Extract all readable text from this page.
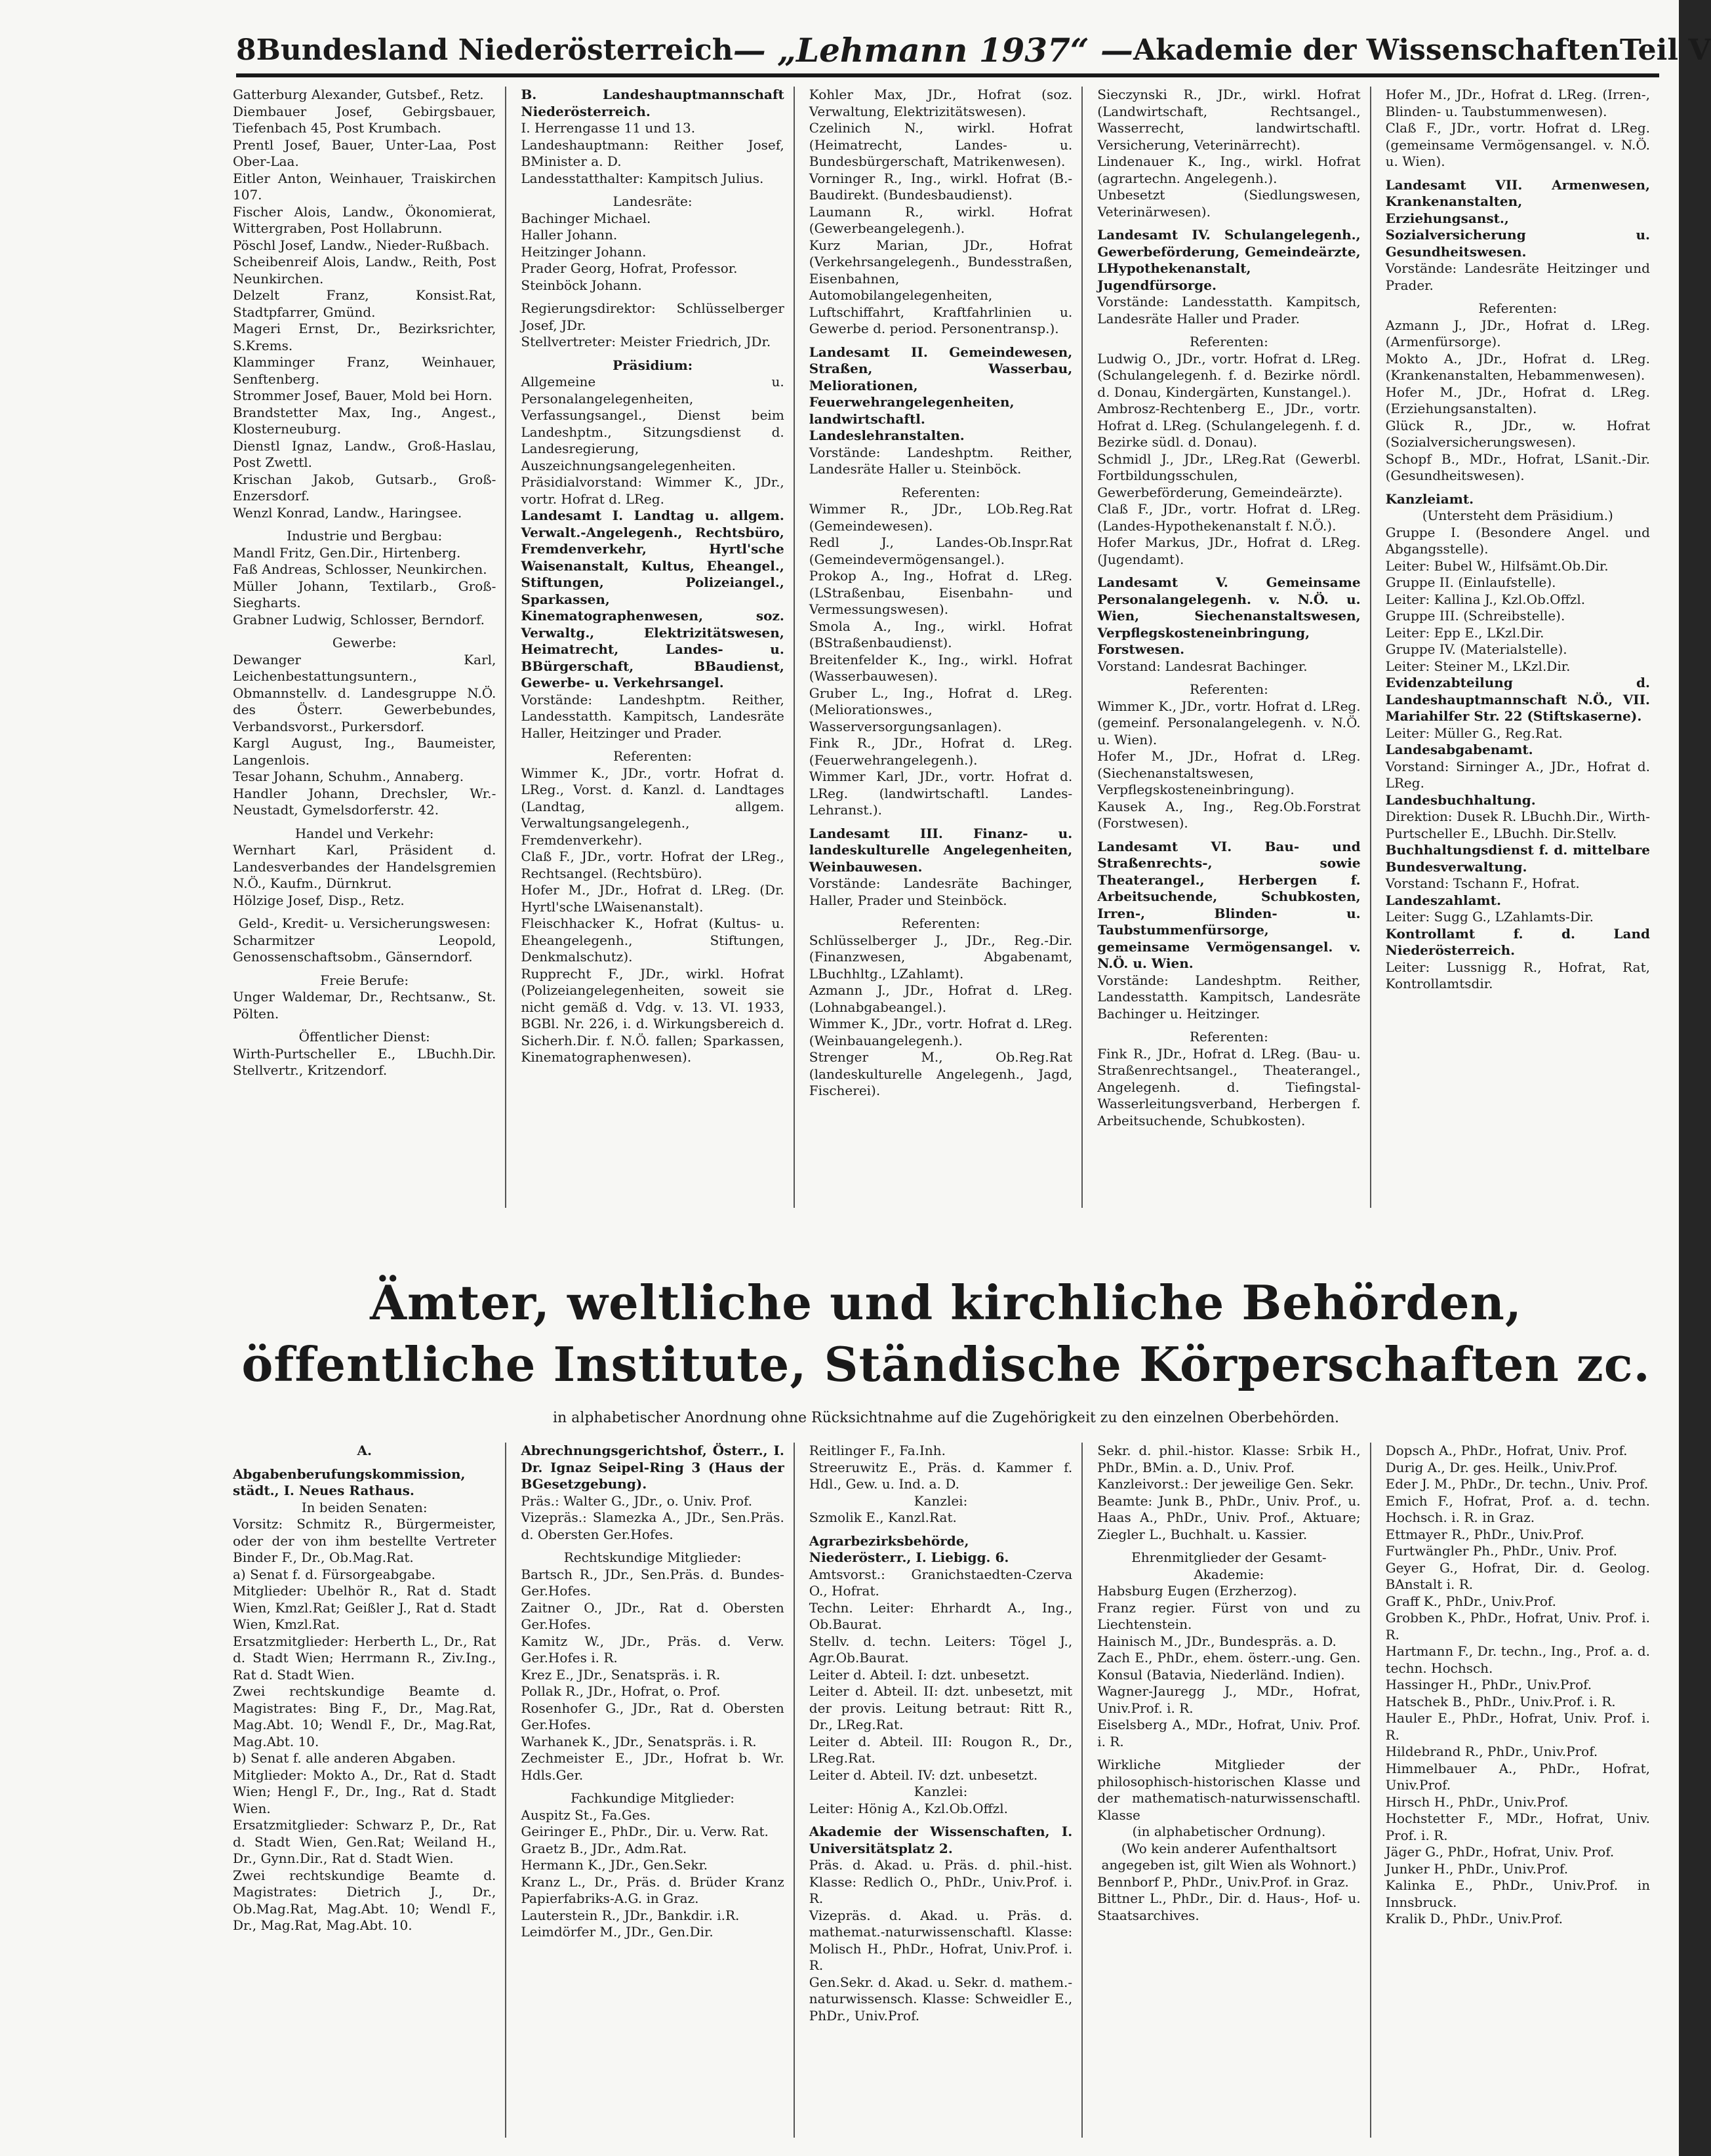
8 Bundesland Niederösterreich — „Lehmann 1937“ — Akademie der Wissenschaften Teil V

Gatterburg Alexander, Gutsbef., Retz.

Diembauer Josef, Gebirgsbauer, Tiefenbach 45, Post Krumbach.

Prentl Josef, Bauer, Unter-Laa, Post Ober-Laa.

Eitler Anton, Weinhauer, Traiskirchen 107.

Fischer Alois, Landw., Ökonomierat, Wittergraben, Post Hollabrunn.

Pöschl Josef, Landw., Nieder-Rußbach.

Scheibenreif Alois, Landw., Reith, Post Neunkirchen.

Delzelt Franz, Konsist.Rat, Stadtpfarrer, Gmünd.

Mageri Ernst, Dr., Bezirksrichter, S.Krems.

Klamminger Franz, Weinhauer, Senftenberg.

Strommer Josef, Bauer, Mold bei Horn.

Brandstetter Max, Ing., Angest., Klosterneuburg.

Dienstl Ignaz, Landw., Groß-Haslau, Post Zwettl.

Krischan Jakob, Gutsarb., Groß-Enzersdorf.

Wenzl Konrad, Landw., Haringsee.

Industrie und Bergbau:

Mandl Fritz, Gen.Dir., Hirtenberg.

Faß Andreas, Schlosser, Neunkirchen.

Müller Johann, Textilarb., Groß-Siegharts.

Grabner Ludwig, Schlosser, Berndorf.

Gewerbe:

Dewanger Karl, Leichenbestattungsuntern., Obmannstellv. d. Landesgruppe N.Ö. des Österr. Gewerbebundes, Verbandsvorst., Purkersdorf.

Kargl August, Ing., Baumeister, Langenlois.

Tesar Johann, Schuhm., Annaberg.

Handler Johann, Drechsler, Wr.-Neustadt, Gymelsdorferstr. 42.

Handel und Verkehr:

Wernhart Karl, Präsident d. Landesverbandes der Handelsgremien N.Ö., Kaufm., Dürnkrut.

Hölzige Josef, Disp., Retz.

Geld-, Kredit- u. Versicherungswesen:

Scharmitzer Leopold, Genossenschaftsobm., Gänserndorf.

Freie Berufe:

Unger Waldemar, Dr., Rechtsanw., St. Pölten.

Öffentlicher Dienst:

Wirth-Purtscheller E., LBuchh.Dir. Stellvertr., Kritzendorf.

B. Landeshauptmannschaft Niederösterreich.

I. Herrengasse 11 und 13.

Landeshauptmann: Reither Josef, BMinister a. D.

Landesstatthalter: Kampitsch Julius.

Landesräte:

Bachinger Michael.

Haller Johann.

Heitzinger Johann.

Prader Georg, Hofrat, Professor.

Steinböck Johann.

Regierungsdirektor: Schlüsselberger Josef, JDr.

Stellvertreter: Meister Friedrich, JDr.

Präsidium:

Allgemeine u. Personalangelegenheiten, Verfassungsangel., Dienst beim Landeshptm., Sitzungsdienst d. Landesregierung, Auszeichnungsangelegenheiten.

Präsidialvorstand: Wimmer K., JDr., vortr. Hofrat d. LReg.

Landesamt I. Landtag u. allgem. Verwalt.-Angelegenh., Rechtsbüro, Fremdenverkehr, Hyrtl'sche Waisenanstalt, Kultus, Eheangel., Stiftungen, Polizeiangel., Sparkassen, Kinematographenwesen, soz. Verwaltg., Elektrizitätswesen, Heimatrecht, Landes- u. BBürgerschaft, BBaudienst, Gewerbe- u. Verkehrsangel.

Vorstände: Landeshptm. Reither, Landesstatth. Kampitsch, Landesräte Haller, Heitzinger und Prader.

Referenten:

Wimmer K., JDr., vortr. Hofrat d. LReg., Vorst. d. Kanzl. d. Landtages (Landtag, allgem. Verwaltungsangelegenh., Fremdenverkehr).

Claß F., JDr., vortr. Hofrat der LReg., Rechtsangel. (Rechtsbüro).

Hofer M., JDr., Hofrat d. LReg. (Dr. Hyrtl'sche LWaisenanstalt).

Fleischhacker K., Hofrat (Kultus- u. Eheangelegenh., Stiftungen, Denkmalschutz).

Rupprecht F., JDr., wirkl. Hofrat (Polizeiangelegenheiten, soweit sie nicht gemäß d. Vdg. v. 13. VI. 1933, BGBl. Nr. 226, i. d. Wirkungsbereich d. Sicherh.Dir. f. N.Ö. fallen; Sparkassen, Kinematographenwesen).

Kohler Max, JDr., Hofrat (soz. Verwaltung, Elektrizitätswesen).

Czelinich N., wirkl. Hofrat (Heimatrecht, Landes- u. Bundesbürgerschaft, Matrikenwesen).

Vorninger R., Ing., wirkl. Hofrat (B.-Baudirekt. (Bundesbaudienst).

Laumann R., wirkl. Hofrat (Gewerbeangelegenh.).

Kurz Marian, JDr., Hofrat (Verkehrsangelegenh., Bundesstraßen, Eisenbahnen, Automobilangelegenheiten, Luftschiffahrt, Kraftfahrlinien u. Gewerbe d. period. Personentransp.).

Landesamt II. Gemeindewesen, Straßen, Wasserbau, Meliorationen, Feuerwehrangelegenheiten, landwirtschaftl. Landeslehranstalten.

Vorstände: Landeshptm. Reither, Landesräte Haller u. Steinböck.

Referenten:

Wimmer R., JDr., LOb.Reg.Rat (Gemeindewesen).

Redl J., Landes-Ob.Inspr.Rat (Gemeindevermögensangel.).

Prokop A., Ing., Hofrat d. LReg. (LStraßenbau, Eisenbahn- und Vermessungswesen).

Smola A., Ing., wirkl. Hofrat (BStraßenbaudienst).

Breitenfelder K., Ing., wirkl. Hofrat (Wasserbauwesen).

Gruber L., Ing., Hofrat d. LReg. (Meliorationswes., Wasserversorgungsanlagen).

Fink R., JDr., Hofrat d. LReg. (Feuerwehrangelegenh.).

Wimmer Karl, JDr., vortr. Hofrat d. LReg. (landwirtschaftl. Landes-Lehranst.).

Landesamt III. Finanz- u. landeskulturelle Angelegenheiten, Weinbauwesen.

Vorstände: Landesräte Bachinger, Haller, Prader und Steinböck.

Referenten:

Schlüsselberger J., JDr., Reg.-Dir. (Finanzwesen, Abgabenamt, LBuchhltg., LZahlamt).

Azmann J., JDr., Hofrat d. LReg. (Lohnabgabeangel.).

Wimmer K., JDr., vortr. Hofrat d. LReg. (Weinbauangelegenh.).

Strenger M., Ob.Reg.Rat (landeskulturelle Angelegenh., Jagd, Fischerei).

Sieczynski R., JDr., wirkl. Hofrat (Landwirtschaft, Rechtsangel., Wasserrecht, landwirtschaftl. Versicherung, Veterinärrecht).

Lindenauer K., Ing., wirkl. Hofrat (agrartechn. Angelegenh.).

Unbesetzt (Siedlungswesen, Veterinärwesen).

Landesamt IV. Schulangelegenh., Gewerbeförderung, Gemeindeärzte, LHypothekenanstalt, Jugendfürsorge.

Vorstände: Landesstatth. Kampitsch, Landesräte Haller und Prader.

Referenten:

Ludwig O., JDr., vortr. Hofrat d. LReg. (Schulangelegenh. f. d. Bezirke nördl. d. Donau, Kindergärten, Kunstangel.).

Ambrosz-Rechtenberg E., JDr., vortr. Hofrat d. LReg. (Schulangelegenh. f. d. Bezirke südl. d. Donau).

Schmidl J., JDr., LReg.Rat (Gewerbl. Fortbildungsschulen, Gewerbeförderung, Gemeindeärzte).

Claß F., JDr., vortr. Hofrat d. LReg. (Landes-Hypothekenanstalt f. N.Ö.).

Hofer Markus, JDr., Hofrat d. LReg. (Jugendamt).

Landesamt V. Gemeinsame Personalangelegenh. v. N.Ö. u. Wien, Siechenanstaltswesen, Verpflegskosteneinbringung, Forstwesen.

Vorstand: Landesrat Bachinger.

Referenten:

Wimmer K., JDr., vortr. Hofrat d. LReg. (gemeinf. Personalangelegenh. v. N.Ö. u. Wien).

Hofer M., JDr., Hofrat d. LReg. (Siechenanstaltswesen, Verpflegskosteneinbringung).

Kausek A., Ing., Reg.Ob.Forstrat (Forstwesen).

Landesamt VI. Bau- und Straßenrechts-, sowie Theaterangel., Herbergen f. Arbeitsuchende, Schubkosten, Irren-, Blinden- u. Taubstummenfürsorge, gemeinsame Vermögensangel. v. N.Ö. u. Wien.

Vorstände: Landeshptm. Reither, Landesstatth. Kampitsch, Landesräte Bachinger u. Heitzinger.

Referenten:

Fink R., JDr., Hofrat d. LReg. (Bau- u. Straßenrechtsangel., Theaterangel., Angelegenh. d. Tiefingstal-Wasserleitungsverband, Herbergen f. Arbeitsuchende, Schubkosten).

Hofer M., JDr., Hofrat d. LReg. (Irren-, Blinden- u. Taubstummenwesen).

Claß F., JDr., vortr. Hofrat d. LReg. (gemeinsame Vermögensangel. v. N.Ö. u. Wien).

Landesamt VII. Armenwesen, Krankenanstalten, Erziehungsanst., Sozialversicherung u. Gesundheitswesen.

Vorstände: Landesräte Heitzinger und Prader.

Referenten:

Azmann J., JDr., Hofrat d. LReg. (Armenfürsorge).

Mokto A., JDr., Hofrat d. LReg. (Krankenanstalten, Hebammenwesen).

Hofer M., JDr., Hofrat d. LReg. (Erziehungsanstalten).

Glück R., JDr., w. Hofrat (Sozialversicherungswesen).

Schopf B., MDr., Hofrat, LSanit.-Dir. (Gesundheitswesen).

Kanzleiamt.

(Untersteht dem Präsidium.)

Gruppe I. (Besondere Angel. und Abgangsstelle).

Leiter: Bubel W., Hilfsämt.Ob.Dir.

Gruppe II. (Einlaufstelle).

Leiter: Kallina J., Kzl.Ob.Offzl.

Gruppe III. (Schreibstelle).

Leiter: Epp E., LKzl.Dir.

Gruppe IV. (Materialstelle).

Leiter: Steiner M., LKzl.Dir.

Evidenzabteilung d. Landeshauptmannschaft N.Ö., VII. Mariahilfer Str. 22 (Stiftskaserne).

Leiter: Müller G., Reg.Rat.

Landesabgabenamt.

Vorstand: Sirninger A., JDr., Hofrat d. LReg.

Landesbuchhaltung.

Direktion: Dusek R. LBuchh.Dir., Wirth-Purtscheller E., LBuchh. Dir.Stellv.

Buchhaltungsdienst f. d. mittelbare Bundesverwaltung.

Vorstand: Tschann F., Hofrat.

Landeszahlamt.

Leiter: Sugg G., LZahlamts-Dir.

Kontrollamt f. d. Land Niederösterreich.

Leiter: Lussnigg R., Hofrat, Rat, Kontrollamtsdir.

Ämter, weltliche und kirchliche Behörden, öffentliche Institute, Ständische Körperschaften zc.
in alphabetischer Anordnung ohne Rücksichtnahme auf die Zugehörigkeit zu den einzelnen Oberbehörden.

A.

Abgabenberufungskommission, städt., I. Neues Rathaus.

In beiden Senaten:

Vorsitz: Schmitz R., Bürgermeister, oder der von ihm bestellte Vertreter Binder F., Dr., Ob.Mag.Rat.

a) Senat f. d. Fürsorgeabgabe.

Mitglieder: Ubelhör R., Rat d. Stadt Wien, Kmzl.Rat; Geißler J., Rat d. Stadt Wien, Kmzl.Rat.

Ersatzmitglieder: Herberth L., Dr., Rat d. Stadt Wien; Herrmann R., Ziv.Ing., Rat d. Stadt Wien.

Zwei rechtskundige Beamte d. Magistrates: Bing F., Dr., Mag.Rat, Mag.Abt. 10; Wendl F., Dr., Mag.Rat, Mag.Abt. 10.

b) Senat f. alle anderen Abgaben.

Mitglieder: Mokto A., Dr., Rat d. Stadt Wien; Hengl F., Dr., Ing., Rat d. Stadt Wien.

Ersatzmitglieder: Schwarz P., Dr., Rat d. Stadt Wien, Gen.Rat; Weiland H., Dr., Gynn.Dir., Rat d. Stadt Wien.

Zwei rechtskundige Beamte d. Magistrates: Dietrich J., Dr., Ob.Mag.Rat, Mag.Abt. 10; Wendl F., Dr., Mag.Rat, Mag.Abt. 10.

Abrechnungsgerichtshof, Österr., I. Dr. Ignaz Seipel-Ring 3 (Haus der BGesetzgebung).

Präs.: Walter G., JDr., o. Univ. Prof.

Vizepräs.: Slamezka A., JDr., Sen.Präs. d. Obersten Ger.Hofes.

Rechtskundige Mitglieder:

Bartsch R., JDr., Sen.Präs. d. Bundes-Ger.Hofes.

Zaitner O., JDr., Rat d. Obersten Ger.Hofes.

Kamitz W., JDr., Präs. d. Verw. Ger.Hofes i. R.

Krez E., JDr., Senatspräs. i. R.

Pollak R., JDr., Hofrat, o. Prof.

Rosenhofer G., JDr., Rat d. Obersten Ger.Hofes.

Warhanek K., JDr., Senatspräs. i. R.

Zechmeister E., JDr., Hofrat b. Wr. Hdls.Ger.

Fachkundige Mitglieder:

Auspitz St., Fa.Ges.

Geiringer E., PhDr., Dir. u. Verw. Rat.

Graetz B., JDr., Adm.Rat.

Hermann K., JDr., Gen.Sekr.

Kranz L., Dr., Präs. d. Brüder Kranz Papierfabriks-A.G. in Graz.

Lauterstein R., JDr., Bankdir. i.R.

Leimdörfer M., JDr., Gen.Dir.

Reitlinger F., Fa.Inh.

Streeruwitz E., Präs. d. Kammer f. Hdl., Gew. u. Ind. a. D.

Kanzlei:

Szmolik E., Kanzl.Rat.

Agrarbezirksbehörde, Niederösterr., I. Liebigg. 6.

Amtsvorst.: Granichstaedten-Czerva O., Hofrat.

Techn. Leiter: Ehrhardt A., Ing., Ob.Baurat.

Stellv. d. techn. Leiters: Tögel J., Agr.Ob.Baurat.

Leiter d. Abteil. I: dzt. unbesetzt.

Leiter d. Abteil. II: dzt. unbesetzt, mit der provis. Leitung betraut: Ritt R., Dr., LReg.Rat.

Leiter d. Abteil. III: Rougon R., Dr., LReg.Rat.

Leiter d. Abteil. IV: dzt. unbesetzt.

Kanzlei:

Leiter: Hönig A., Kzl.Ob.Offzl.

Akademie der Wissenschaften, I. Universitätsplatz 2.

Präs. d. Akad. u. Präs. d. phil.-hist. Klasse: Redlich O., PhDr., Univ.Prof. i. R.

Vizepräs. d. Akad. u. Präs. d. mathemat.-naturwissenschaftl. Klasse: Molisch H., PhDr., Hofrat, Univ.Prof. i. R.

Gen.Sekr. d. Akad. u. Sekr. d. mathem.-naturwissensch. Klasse: Schweidler E., PhDr., Univ.Prof.

Sekr. d. phil.-histor. Klasse: Srbik H., PhDr., BMin. a. D., Univ. Prof.

Kanzleivorst.: Der jeweilige Gen. Sekr.

Beamte: Junk B., PhDr., Univ. Prof., u. Haas A., PhDr., Univ. Prof., Aktuare; Ziegler L., Buchhalt. u. Kassier.

Ehrenmitglieder der Gesamt-Akademie:

Habsburg Eugen (Erzherzog).

Franz regier. Fürst von und zu Liechtenstein.

Hainisch M., JDr., Bundespräs. a. D.

Zach E., PhDr., ehem. österr.-ung. Gen. Konsul (Batavia, Niederländ. Indien).

Wagner-Jauregg J., MDr., Hofrat, Univ.Prof. i. R.

Eiselsberg A., MDr., Hofrat, Univ. Prof. i. R.

Wirkliche Mitglieder der philosophisch-historischen Klasse und der mathematisch-naturwissenschaftl. Klasse

(in alphabetischer Ordnung).

(Wo kein anderer Aufenthaltsort angegeben ist, gilt Wien als Wohnort.)

Bennborf P., PhDr., Univ.Prof. in Graz.

Bittner L., PhDr., Dir. d. Haus-, Hof- u. Staatsarchives.

Dopsch A., PhDr., Hofrat, Univ. Prof.

Durig A., Dr. ges. Heilk., Univ.Prof.

Eder J. M., PhDr., Dr. techn., Univ. Prof.

Emich F., Hofrat, Prof. a. d. techn. Hochsch. i. R. in Graz.

Ettmayer R., PhDr., Univ.Prof.

Furtwängler Ph., PhDr., Univ. Prof.

Geyer G., Hofrat, Dir. d. Geolog. BAnstalt i. R.

Graff K., PhDr., Univ.Prof.

Grobben K., PhDr., Hofrat, Univ. Prof. i. R.

Hartmann F., Dr. techn., Ing., Prof. a. d. techn. Hochsch.

Hassinger H., PhDr., Univ.Prof.

Hatschek B., PhDr., Univ.Prof. i. R.

Hauler E., PhDr., Hofrat, Univ. Prof. i. R.

Hildebrand R., PhDr., Univ.Prof.

Himmelbauer A., PhDr., Hofrat, Univ.Prof.

Hirsch H., PhDr., Univ.Prof.

Hochstetter F., MDr., Hofrat, Univ. Prof. i. R.

Jäger G., PhDr., Hofrat, Univ. Prof.

Junker H., PhDr., Univ.Prof.

Kalinka E., PhDr., Univ.Prof. in Innsbruck.

Kralik D., PhDr., Univ.Prof.
